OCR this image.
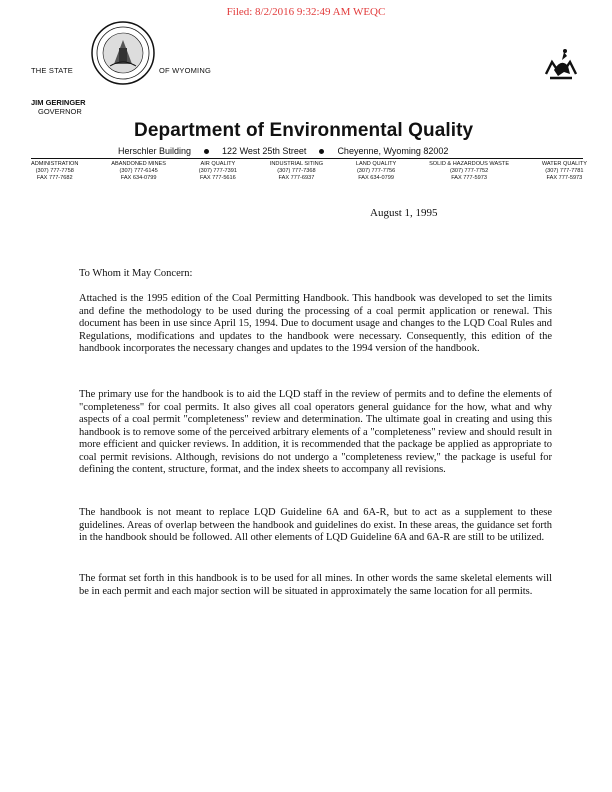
Filed: 8/2/2016 9:32:49 AM WEQC
THE STATE	OF WYOMING
JIM GERINGER
GOVERNOR
Department of Environmental Quality
Herschler Building	122 West 25th Street	Cheyenne, Wyoming 82002
ADMINISTRATION
(307) 777-7758
FAX 777-7682
ABANDONED MINES
(307) 777-6145
FAX 634-0799
AIR QUALITY
(307) 777-7391
FAX 777-5616
INDUSTRIAL SITING
(307) 777-7368
FAX 777-6937
LAND QUALITY
(307) 777-7756
FAX 634-0799
SOLID & HAZARDOUS WASTE
(307) 777-7752
FAX 777-5973
WATER QUALITY
(307) 777-7781
FAX 777-5973
August 1, 1995
To Whom it May Concern:
Attached is the 1995 edition of the Coal Permitting Handbook. This handbook was developed to set the limits and define the methodology to be used during the processing of a coal permit application or renewal. This document has been in use since April 15, 1994. Due to document usage and changes to the LQD Coal Rules and Regulations, modifications and updates to the handbook were necessary. Consequently, this edition of the handbook incorporates the necessary changes and updates to the 1994 version of the handbook.
The primary use for the handbook is to aid the LQD staff in the review of permits and to define the elements of "completeness" for coal permits. It also gives all coal operators general guidance for the how, what and why aspects of a coal permit "completeness" review and determination. The ultimate goal in creating and using this handbook is to remove some of the perceived arbitrary elements of a "completeness" review and should result in more efficient and quicker reviews. In addition, it is recommended that the package be applied as appropriate to coal permit revisions. Although, revisions do not undergo a "completeness review," the package is useful for defining the content, structure, format, and the index sheets to accompany all revisions.
The handbook is not meant to replace LQD Guideline 6A and 6A-R, but to act as a supplement to these guidelines. Areas of overlap between the handbook and guidelines do exist. In these areas, the guidance set forth in the handbook should be followed. All other elements of LQD Guideline 6A and 6A-R are still to be utilized.
The format set forth in this handbook is to be used for all mines. In other words the same skeletal elements will be in each permit and each major section will be situated in approximately the same location for all permits.
